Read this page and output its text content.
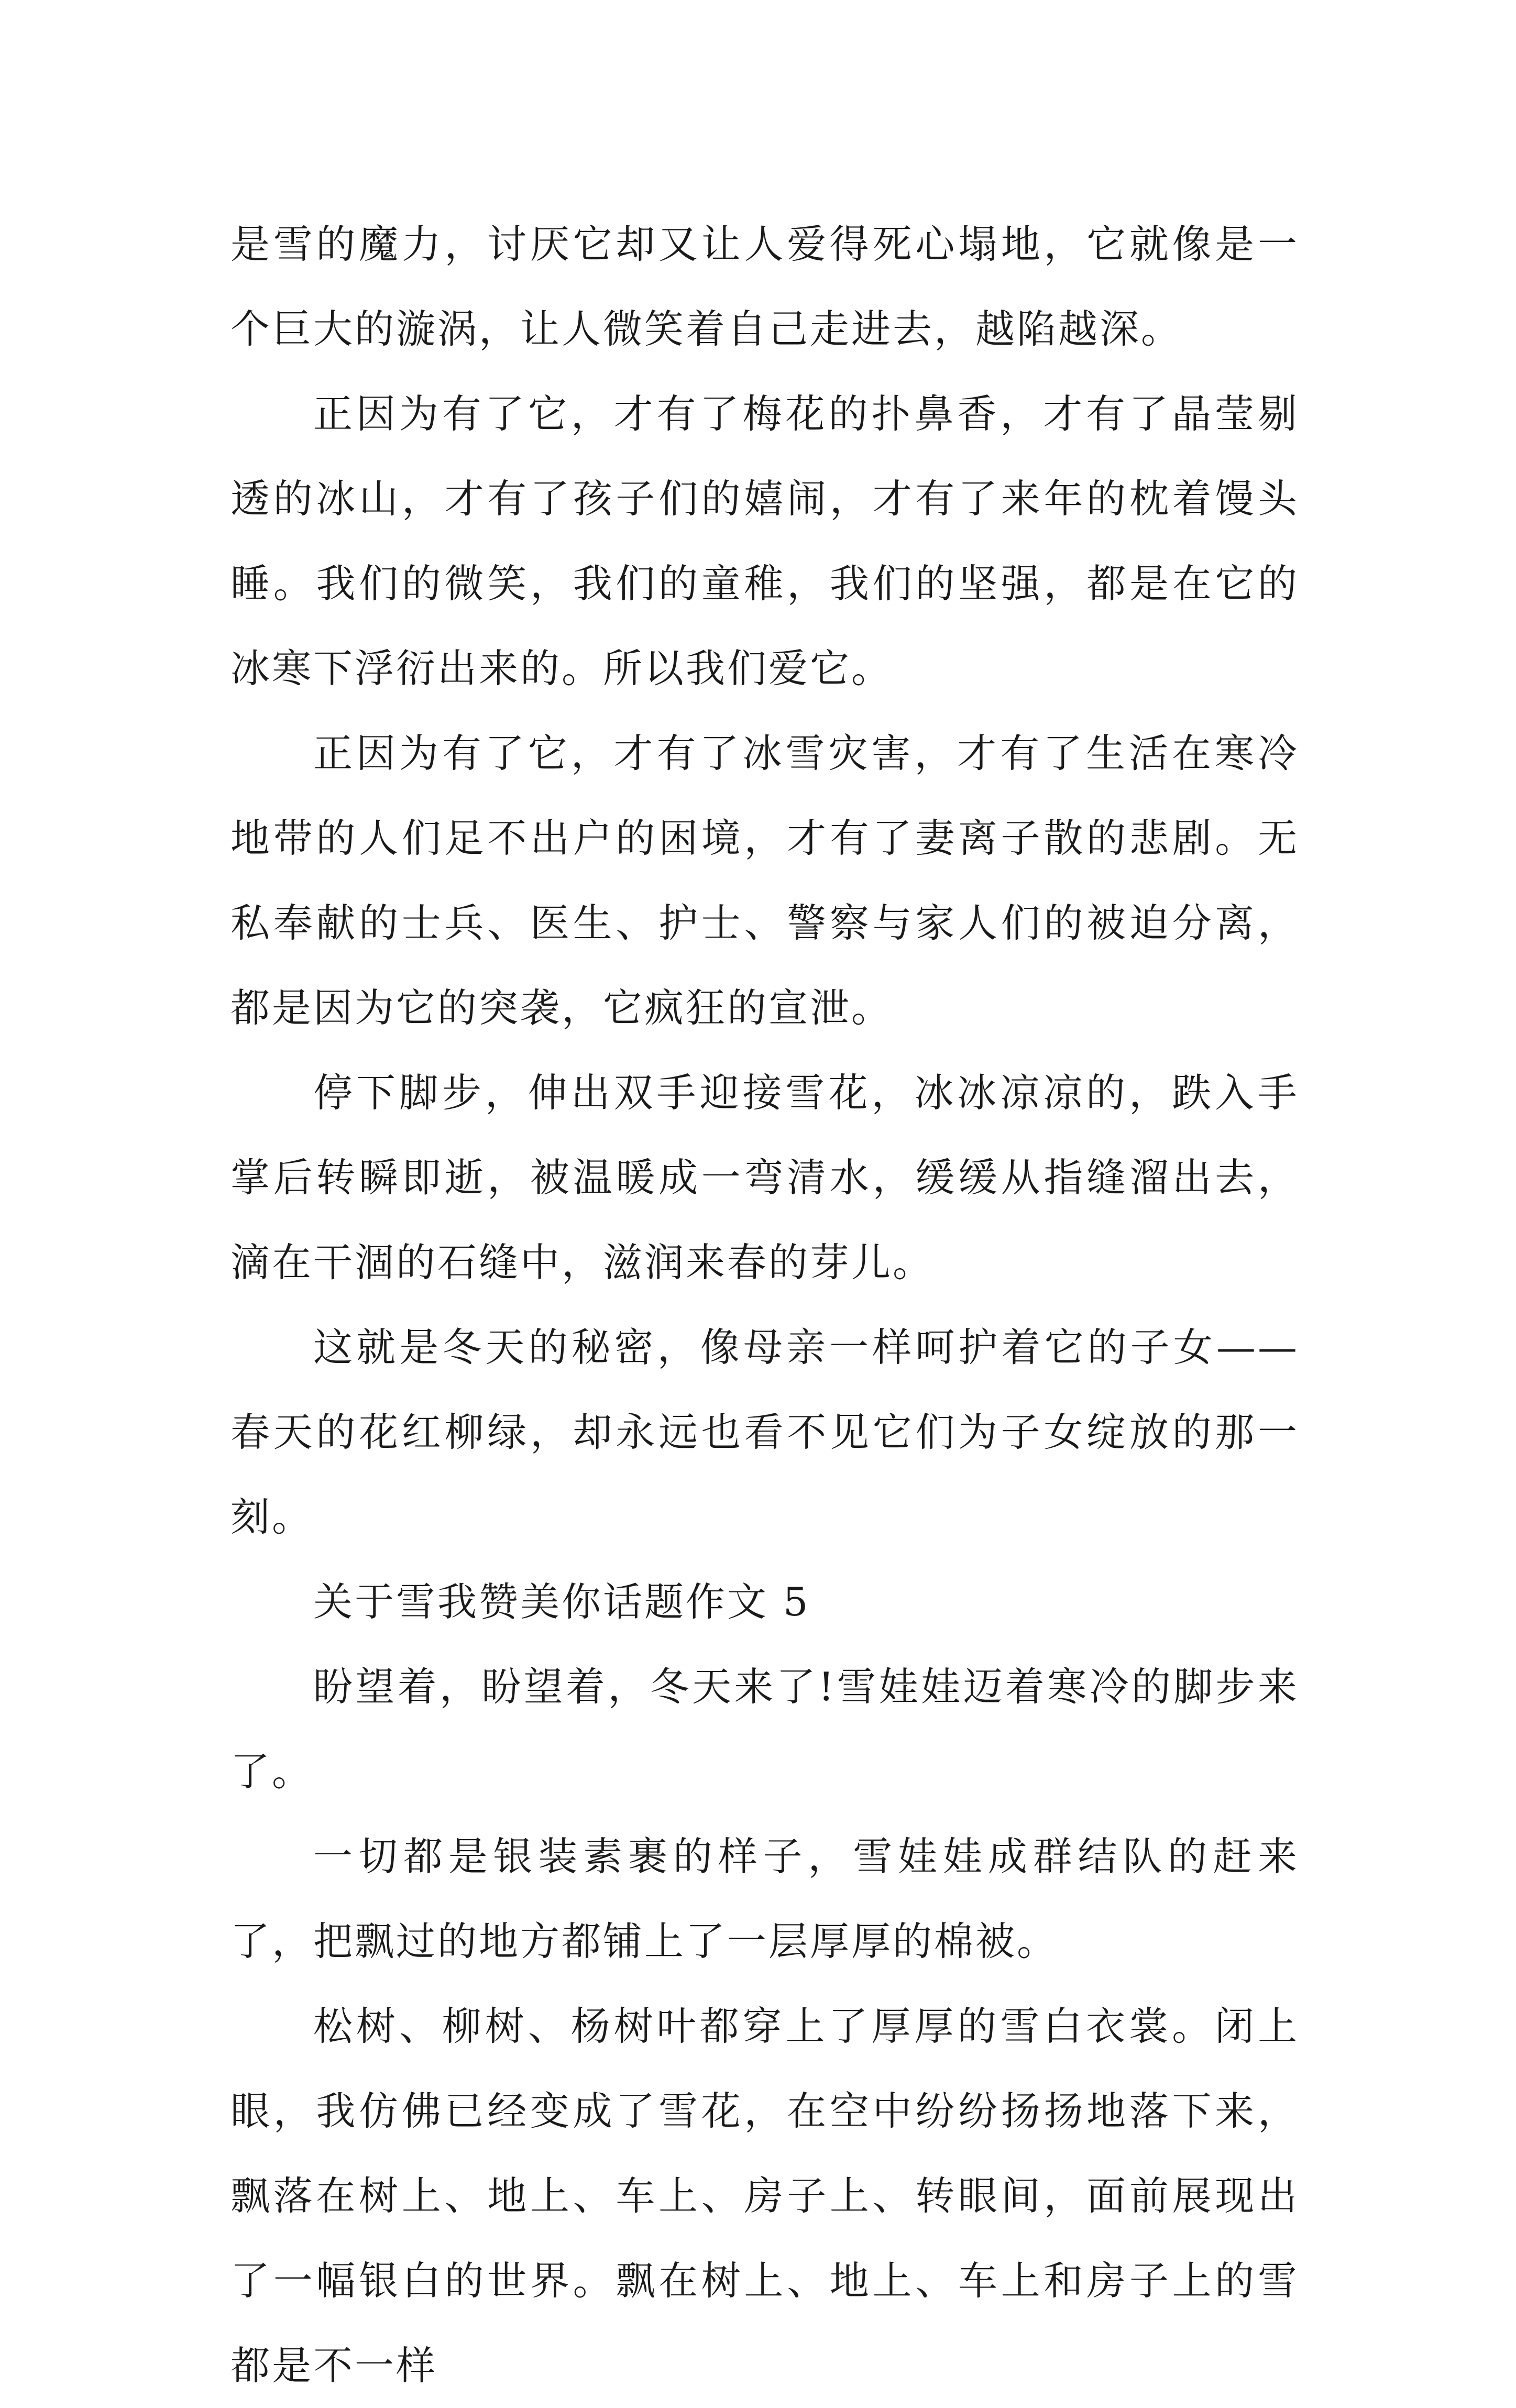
是雪的魔力，讨厌它却又让人爱得死心塌地，它就像是一个巨大的漩涡，让人微笑着自己走进去，越陷越深。

正因为有了它，才有了梅花的扑鼻香，才有了晶莹剔透的冰山，才有了孩子们的嬉闹，才有了来年的枕着馒头睡。我们的微笑，我们的童稚，我们的坚强，都是在它的冰寒下浮衍出来的。所以我们爱它。

正因为有了它，才有了冰雪灾害，才有了生活在寒冷地带的人们足不出户的困境，才有了妻离子散的悲剧。无私奉献的士兵、医生、护士、警察与家人们的被迫分离，都是因为它的突袭，它疯狂的宣泄。

停下脚步，伸出双手迎接雪花，冰冰凉凉的，跌入手掌后转瞬即逝，被温暖成一弯清水，缓缓从指缝溜出去，滴在干涸的石缝中，滋润来春的芽儿。

这就是冬天的秘密，像母亲一样呵护着它的子女——春天的花红柳绿，却永远也看不见它们为子女绽放的那一刻。

关于雪我赞美你话题作文 5

盼望着，盼望着，冬天来了!雪娃娃迈着寒冷的脚步来了。

一切都是银装素裹的样子，雪娃娃成群结队的赶来了，把飘过的地方都铺上了一层厚厚的棉被。

松树、柳树、杨树叶都穿上了厚厚的雪白衣裳。闭上眼，我仿佛已经变成了雪花，在空中纷纷扬扬地落下来，飘落在树上、地上、车上、房子上、转眼间，面前展现出了一幅银白的世界。飘在树上、地上、车上和房子上的雪都是不一样
